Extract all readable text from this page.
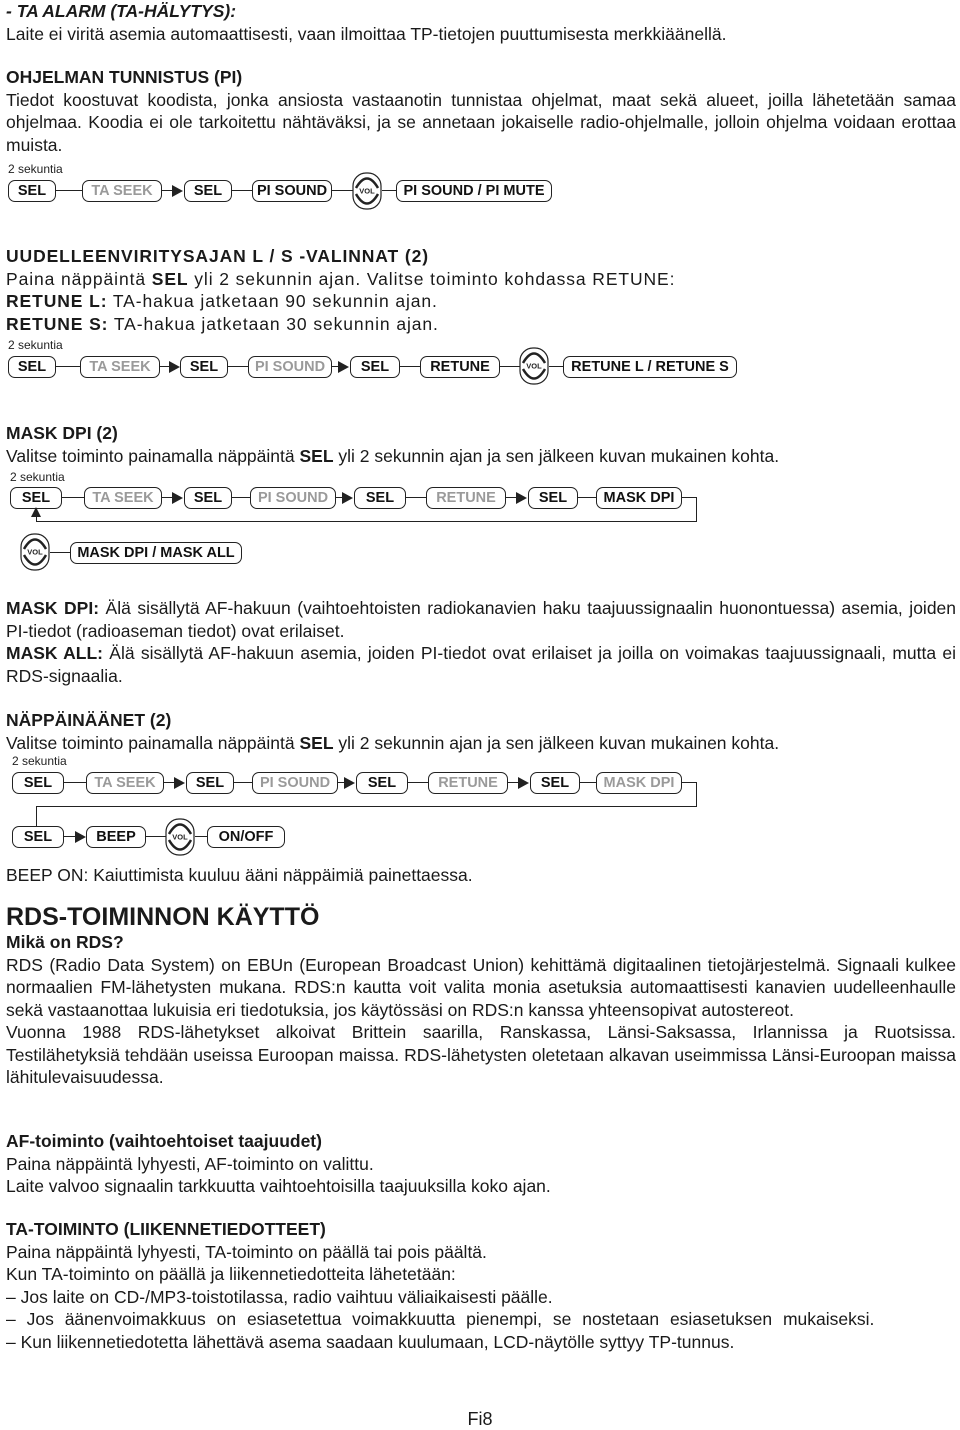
- TA ALARM (TA-HÄLYTYS):

Laite ei viritä asemia automaattisesti, vaan ilmoittaa TP-tietojen puuttumisesta merkkiäänellä.

OHJELMAN TUNNISTUS (PI)

Tiedot koostuvat koodista, jonka ansiosta vastaanotin tunnistaa ohjelmat, maat sekä alueet, joilla lähetetään samaa ohjelmaa. Koodia ei ole tarkoitettu nähtäväksi, ja se annetaan jokaiselle radio-ohjelmalle, jolloin ohjelma voidaan erottaa muista.

2 sekuntia
SEL	TA SEEK	SEL	PI SOUND	VOL	PI SOUND / PI MUTE

UUDELLEENVIRITYSAJAN L / S -VALINNAT (2)

Paina näppäintä SEL yli 2 sekunnin ajan. Valitse toiminto kohdassa RETUNE:

RETUNE L: TA-hakua jatketaan 90 sekunnin ajan.

RETUNE S: TA-hakua jatketaan 30 sekunnin ajan.

2 sekuntia
SEL	TA SEEK	SEL	PI SOUND	SEL	RETUNE	VOL	RETUNE L / RETUNE S

MASK DPI (2)

Valitse toiminto painamalla näppäintä SEL yli 2 sekunnin ajan ja sen jälkeen kuvan mukainen kohta.

2 sekuntia
SEL	TA SEEK	SEL	PI SOUND	SEL	RETUNE	SEL	MASK DPI
VOL	MASK DPI / MASK ALL

MASK DPI: Älä sisällytä AF-hakuun (vaihtoehtoisten radiokanavien haku taajuussignaalin huonontuessa) asemia, joiden PI-tiedot (radioaseman tiedot) ovat erilaiset.

MASK ALL: Älä sisällytä AF-hakuun asemia, joiden PI-tiedot ovat erilaiset ja joilla on voimakas taajuussignaali, mutta ei RDS-signaalia.

NÄPPÄINÄÄNET (2)

Valitse toiminto painamalla näppäintä SEL yli 2 sekunnin ajan ja sen jälkeen kuvan mukainen kohta.

2 sekuntia
SEL	TA SEEK	SEL	PI SOUND	SEL	RETUNE	SEL	MASK DPI
SEL	BEEP	VOL	ON/OFF

BEEP ON: Kaiuttimista kuuluu ääni näppäimiä painettaessa.

RDS-TOIMINNON KÄYTTÖ

Mikä on RDS?

RDS (Radio Data System) on EBUn (European Broadcast Union) kehittämä digitaalinen tietojärjestelmä. Signaali kulkee normaalien FM-lähetysten mukana. RDS:n kautta voit valita monia asetuksia automaattisesti kanavien uudelleenhaulle sekä vastaanottaa lukuisia eri tiedotuksia, jos käytössäsi on RDS:n kanssa yhteensopivat autostereot.

Vuonna 1988 RDS-lähetykset alkoivat Brittein saarilla, Ranskassa, Länsi-Saksassa, Irlannissa ja Ruotsissa. Testilähetyksiä tehdään useissa Euroopan maissa. RDS-lähetysten oletetaan alkavan useimmissa Länsi-Euroopan maissa lähitulevaisuudessa.

AF-toiminto (vaihtoehtoiset taajuudet)

Paina näppäintä lyhyesti, AF-toiminto on valittu.

Laite valvoo signaalin tarkkuutta vaihtoehtoisilla taajuuksilla koko ajan.

TA-TOIMINTO (LIIKENNETIEDOTTEET)

Paina näppäintä lyhyesti, TA-toiminto on päällä tai pois päältä.

Kun TA-toiminto on päällä ja liikennetiedotteita lähetetään:

– Jos laite on CD-/MP3-toistotilassa, radio vaihtuu väliaikaisesti päälle.

– Jos äänenvoimakkuus on esiasetettua voimakkuutta pienempi, se nostetaan esiasetuksen mukaiseksi.

– Kun liikennetiedotetta lähettävä asema saadaan kuulumaan, LCD-näytölle syttyy TP-tunnus.

Fi8
